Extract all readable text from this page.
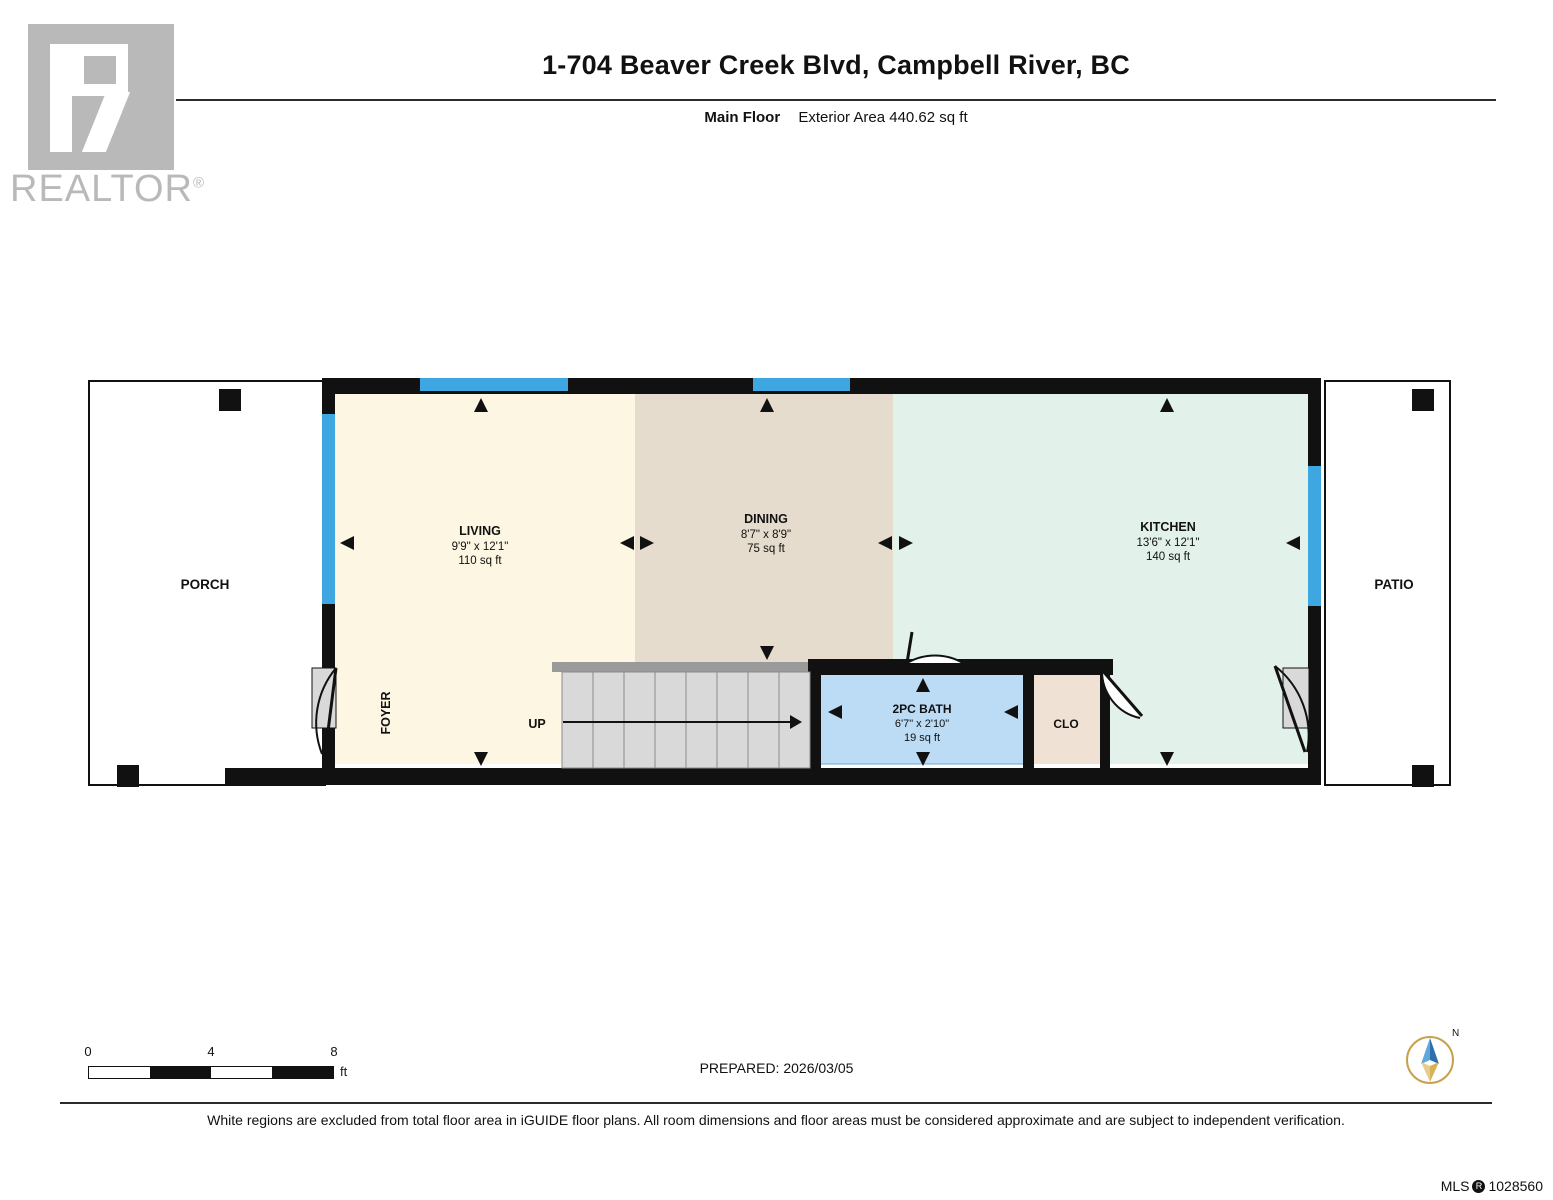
REALTOR®
1-704 Beaver Creek Blvd, Campbell River, BC
Main Floor Exterior Area 440.62 sq ft
PORCH	PATIO
LIVING
9'9" x 12'1"
110 sq ft
DINING
8'7" x 8'9"
75 sq ft
KITCHEN
13'6" x 12'1"
140 sq ft
2PC BATH
6'7" x 2'10"
19 sq ft
CLO
FOYER	UP
0	4	8
ft	PREPARED: 2026/03/05
N
White regions are excluded from total floor area in iGUIDE floor plans. All room dimensions and floor areas must be considered approximate and are subject to independent verification.
MLS R 1028560
